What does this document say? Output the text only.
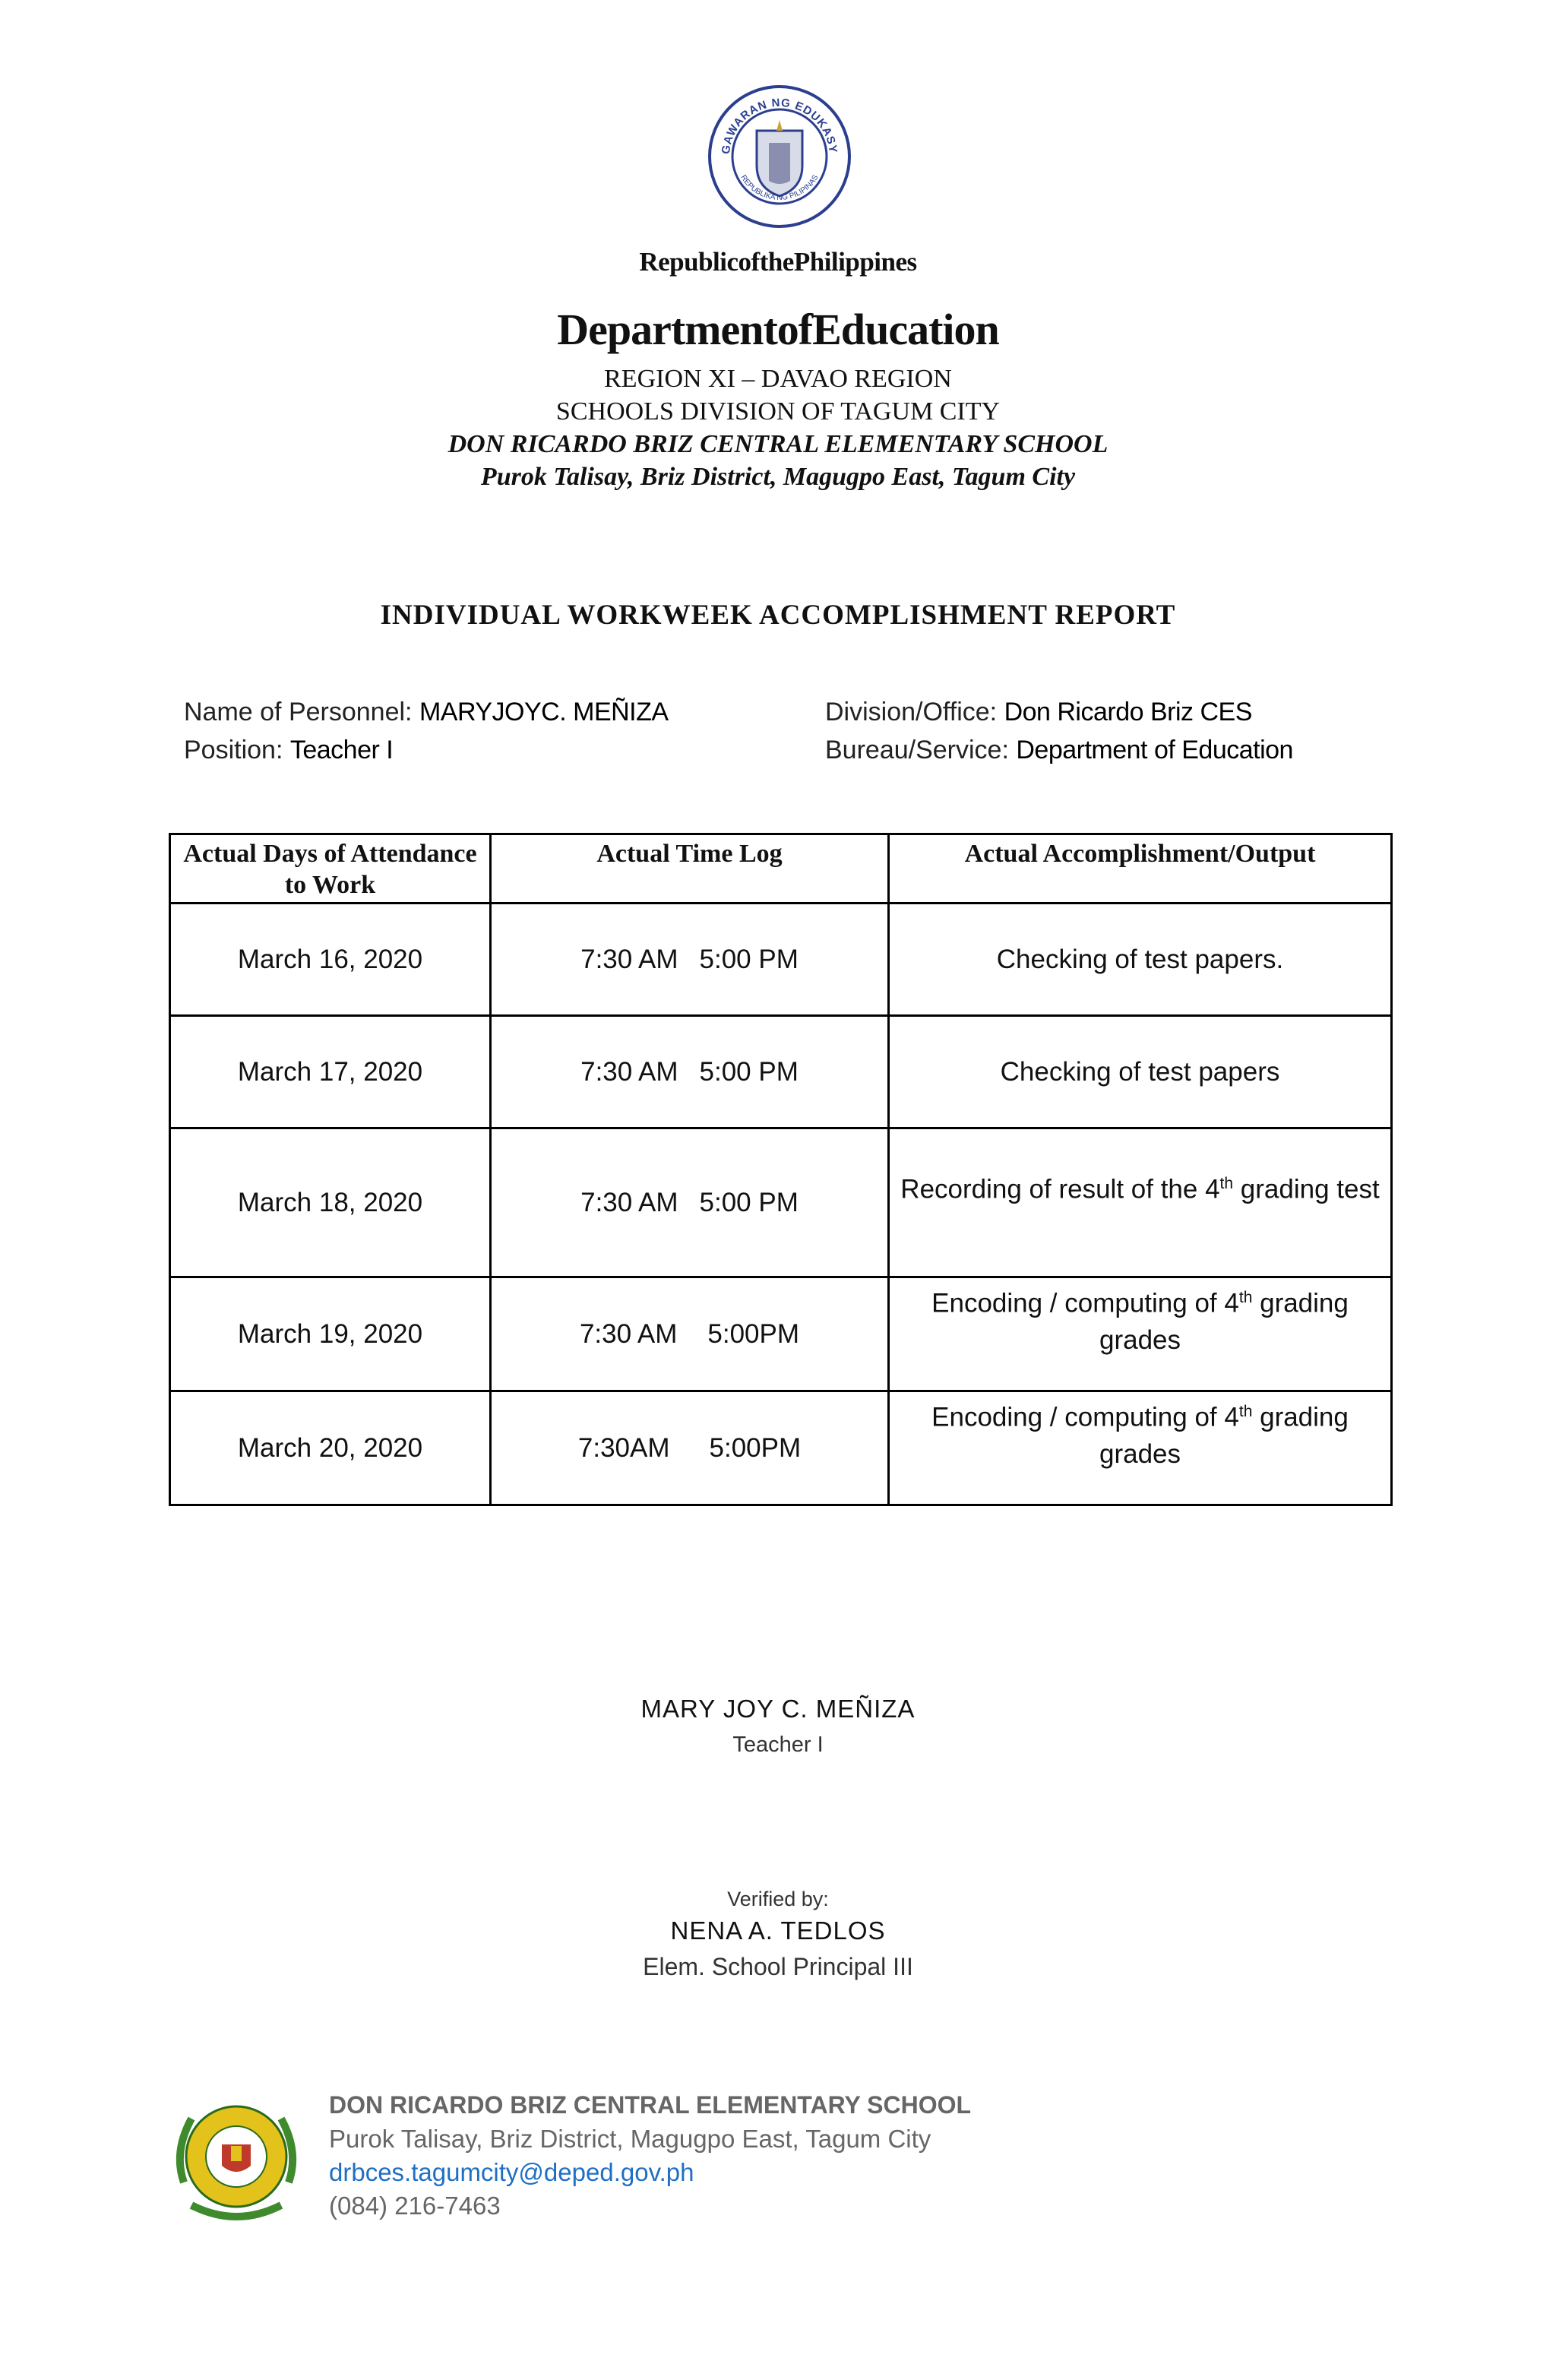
GAWARAN NG EDUKASY
REPUBLIKA NG PILIPINAS
RepublicofthePhilippines
DepartmentofEducation
REGION XI – DAVAO REGION
SCHOOLS DIVISION OF TAGUM CITY
DON RICARDO BRIZ CENTRAL ELEMENTARY SCHOOL
Purok Talisay, Briz District, Magugpo East, Tagum City
INDIVIDUAL WORKWEEK ACCOMPLISHMENT REPORT
Name of Personnel: MARYJOYC. MEÑIZA
Position: Teacher I
Division/Office: Don Ricardo Briz CES
Bureau/Service: Department of Education
Actual Days of Attendance to Work	Actual Time Log	Actual Accomplishment/Output
March 16, 2020	7:30 AM 5:00 PM	Checking of test papers.
March 17, 2020	7:30 AM 5:00 PM	Checking of test papers
March 18, 2020	7:30 AM 5:00 PM	Recording of result of the 4th grading test
March 19, 2020	7:30 AM 5:00PM	Encoding / computing of 4th grading grades
March 20, 2020	7:30AM 5:00PM	Encoding / computing of 4th grading grades
MARY JOY C. MEÑIZA
Teacher I
Verified by:
NENA A. TEDLOS
Elem. School Principal III
DON RICARDO BRIZ CENTRAL ELEMENTARY SCHOOL
Purok Talisay, Briz District, Magugpo East, Tagum City
drbces.tagumcity@deped.gov.ph
(084) 216-7463
